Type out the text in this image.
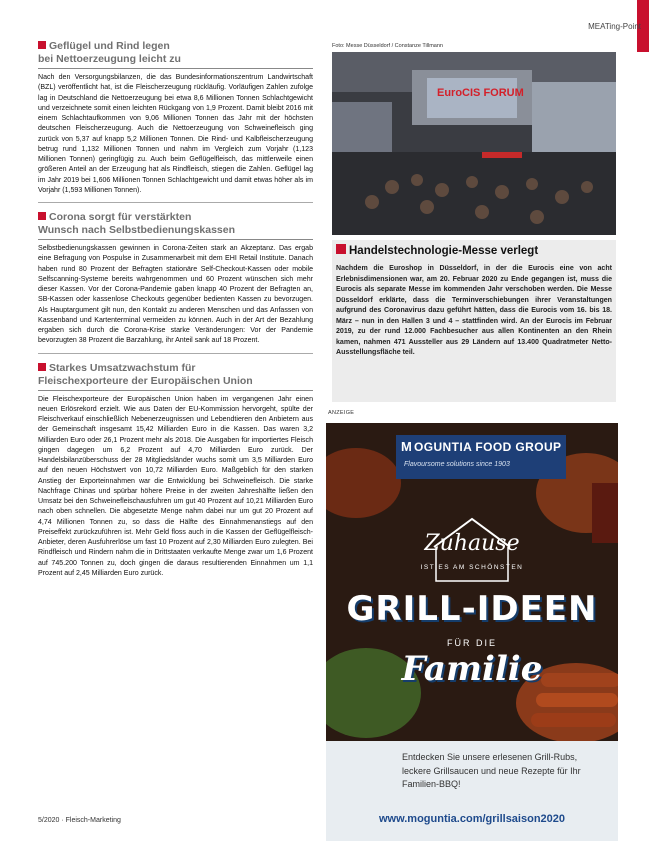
MEATing-Point
Geflügel und Rind legen
bei Nettoerzeugung leicht zu

Nach den Versorgungsbilanzen, die das Bundesinformationszentrum Landwirtschaft (BZL) veröffentlicht hat, ist die Fleischerzeugung rückläufig. Vorläufigen Zahlen zufolge lag in Deutschland die Nettoerzeugung bei etwa 8,6 Millionen Tonnen Schlachtgewicht und verzeichnete somit einen leichten Rückgang von 1,9 Prozent. Damit bleibt 2016 mit einem Schlachtaufkommen von 9,06 Millionen Tonnen das Jahr mit der höchsten deutschen Fleischerzeugung. Auch die Nettoerzeugung von Schweinefleisch ging zurück von 5,37 auf knapp 5,2 Millionen Tonnen. Die Rind- und Kalbfleischerzeugung betrug rund 1,132 Millionen Tonnen und nahm im Vergleich zum Vorjahr (1,123 Millionen Tonnen) geringfügig zu. Auch beim Geflügelfleisch, das mittlerweile einen größeren Anteil an der Erzeugung hat als Rindfleisch, stiegen die Zahlen. Geflügel lag im Jahr 2019 bei 1,606 Millionen Tonnen Schlachtgewicht und damit etwas höher als im Vorjahr (1,593 Millionen Tonnen).

Corona sorgt für verstärkten
Wunsch nach Selbstbedienungskassen

Selbstbedienungskassen gewinnen in Corona-Zeiten stark an Akzeptanz. Das ergab eine Befragung von Pospulse in Zusammenarbeit mit dem EHI Retail Institute. Danach haben rund 80 Prozent der Befragten stationäre Self-Checkout-Kassen oder mobile Selfscanning-Systeme bereits wahrgenommen und 60 Prozent wünschen sich mehr dieser Kassen. Vor der Corona-Pandemie gaben knapp 40 Prozent der Befragten an, SB-Kassen oder kassenlose Checkouts gegenüber bedienten Kassen zu bevorzugen. Als Hauptargument gilt nun, den Kontakt zu anderen Menschen und das Anfassen von Kassenband und Kartenterminal vermeiden zu können. Auch in der Art der Bezahlung ergaben sich durch die Corona-Krise starke Veränderungen: Vor der Pandemie bevorzugten 38 Prozent die Barzahlung, ihr Anteil sank auf 18 Prozent.

Starkes Umsatzwachstum für
Fleischexporteure der Europäischen Union

Die Fleischexporteure der Europäischen Union haben im vergangenen Jahr einen neuen Erlösrekord erzielt. Wie aus Daten der EU-Kommission hervorgeht, spülte der Fleischverkauf einschließlich Nebenerzeugnissen und Lebendtieren den Anbietern aus der Gemeinschaft insgesamt 15,42 Milliarden Euro in die Kassen. Das waren 3,2 Milliarden Euro oder 26,1 Prozent mehr als 2018. Die Ausgaben für importiertes Fleisch gingen dagegen um 6,2 Prozent auf 4,70 Milliarden Euro zurück. Der Handelsbilanzüberschuss der 28 Mitgliedsländer wuchs somit um 3,5 Milliarden Euro auf den neuen Höchstwert von 10,72 Milliarden Euro. Maßgeblich für den starken Anstieg der Exporteinnahmen war die Entwicklung bei Schweinefleisch. Die starke Nachfrage Chinas und spürbar höhere Preise in der zweiten Jahreshälfte ließen den Umsatz bei den Schweinefleischausfuhren um gut 40 Prozent auf 10,21 Milliarden Euro nach oben schnellen. Die abgesetzte Menge nahm dabei nur um gut 20 Prozent auf 4,74 Millionen Tonnen zu, so dass die Hälfte des Einnahmenanstiegs auf den Preiseffekt zurückzuführen ist. Mehr Geld floss auch in die Kassen der Geflügelfleisch-Anbieter, deren Ausfuhrerlöse um fast 10 Prozent auf 2,30 Milliarden Euro zulegten. Bei Rindfleisch und Rindern nahm die in Drittstaaten verkaufte Menge zwar um 1,6 Prozent auf 745.200 Tonnen zu, doch gingen die daraus resultierenden Einnahmen um 1,1 Prozent auf 2,45 Milliarden Euro zurück.

5/2020 · Fleisch-Marketing
Foto: Messe Düsseldorf / Constanze Tillmann
EuroCIS FORUM
Handelstechnologie-Messe verlegt

Nachdem die Euroshop in Düsseldorf, in der die Eurocis eine von acht Erlebnisdimensionen war, am 20. Februar 2020 zu Ende gegangen ist, muss die Eurocis als separate Messe im kommenden Jahr verschoben werden. Die Messe Düsseldorf erklärte, dass die Terminverschiebungen ihrer Veranstaltungen aufgrund des Coronavirus dazu geführt hätten, dass die Eurocis vom 16. bis 18. März – nun in den Hallen 3 und 4 – stattfinden wird. An der Eurocis im Februar 2019, zu der rund 12.000 Fachbesucher aus allen Kontinenten an den Rhein kamen, nahmen 471 Aussteller aus 29 Ländern auf 13.400 Quadratmeter Netto-Ausstellungsfläche teil.

ANZEIGE
M OGUNTIA FOOD GROUP
Flavoursome solutions since 1903
Zuhause
IST ES AM SCHÖNSTEN
GRILL-IDEEN
FÜR DIE
Familie
Entdecken Sie unsere erlesenen Grill-Rubs, leckere Grillsaucen und neue Rezepte für Ihr Familien-BBQ!
www.moguntia.com/grillsaison2020
